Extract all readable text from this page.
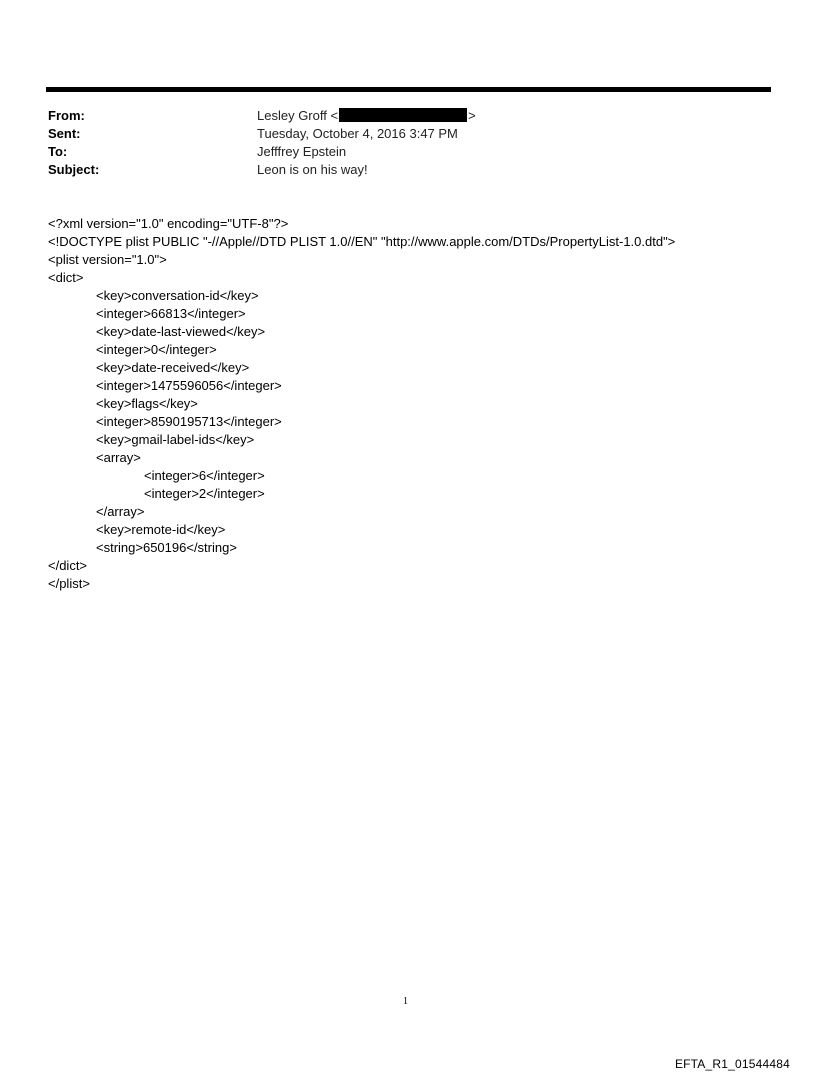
From:	Lesley Groff <	>
Sent:	Tuesday, October 4, 2016 3:47 PM
To:	Jefffrey Epstein
Subject:	Leon is on his way!
<?xml version="1.0" encoding="UTF-8"?>
<!DOCTYPE plist PUBLIC "-//Apple//DTD PLIST 1.0//EN" "http://www.apple.com/DTDs/PropertyList-1.0.dtd">
<plist version="1.0">
<dict>
<key>conversation-id</key>
<integer>66813</integer>
<key>date-last-viewed</key>
<integer>0</integer>
<key>date-received</key>
<integer>1475596056</integer>
<key>flags</key>
<integer>8590195713</integer>
<key>gmail-label-ids</key>
<array>
<integer>6</integer>
<integer>2</integer>
</array>
<key>remote-id</key>
<string>650196</string>
</dict>
</plist>
1
EFTA_R1_01544484
